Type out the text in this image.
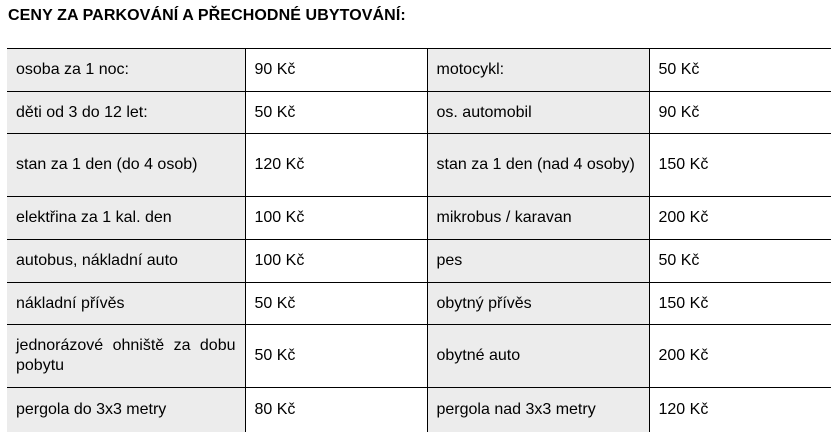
CENY ZA PARKOVÁNÍ A PŘECHODNÉ UBYTOVÁNÍ:
osoba za 1 noc:	90 Kč	motocykl:	50 Kč
děti od 3 do 12 let:	50 Kč	os. automobil	90 Kč
stan za 1 den (do 4 osob)	120 Kč	stan za 1 den (nad 4 osoby)	150 Kč
elektřina za 1 kal. den	100 Kč	mikrobus / karavan	200 Kč
autobus, nákladní auto	100 Kč	pes	50 Kč
nákladní přívěs	50 Kč	obytný přívěs	150 Kč
jednorázové ohniště za dobu pobytu	50 Kč	obytné auto	200 Kč
pergola do 3x3 metry	80 Kč	pergola nad 3x3 metry	120 Kč
